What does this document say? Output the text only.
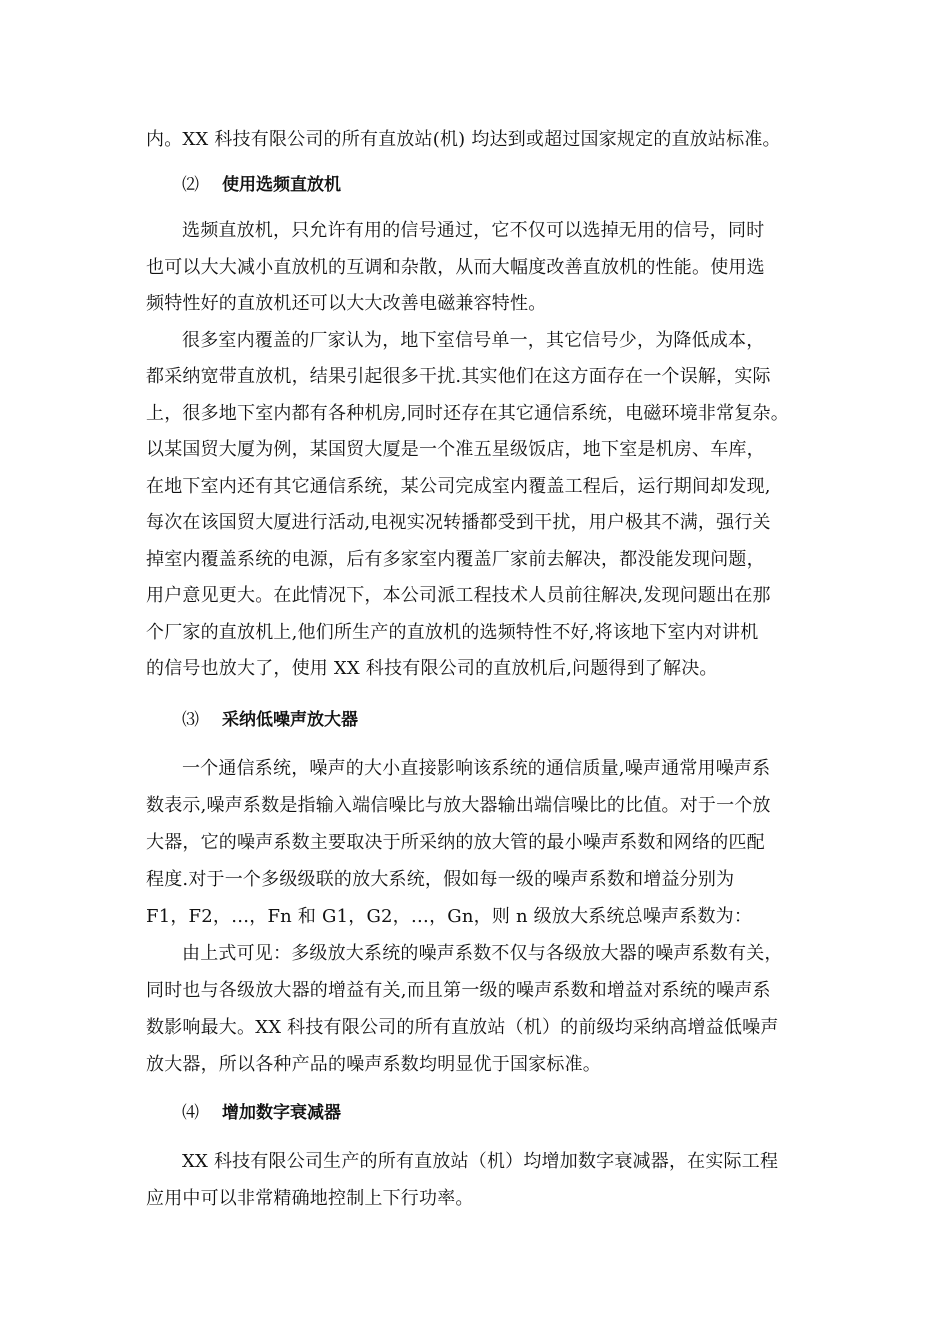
内。XX 科技有限公司的所有直放站(机) 均达到或超过国家规定的直放站标准。
⑵ 使用选频直放机
选频直放机，只允许有用的信号通过，它不仅可以选掉无用的信号，同时
也可以大大减小直放机的互调和杂散，从而大幅度改善直放机的性能。使用选
频特性好的直放机还可以大大改善电磁兼容特性。
很多室内覆盖的厂家认为，地下室信号单一，其它信号少，为降低成本，
都采纳宽带直放机，结果引起很多干扰.其实他们在这方面存在一个误解，实际
上，很多地下室内都有各种机房,同时还存在其它通信系统，电磁环境非常复杂。
以某国贸大厦为例，某国贸大厦是一个准五星级饭店，地下室是机房、车库，
在地下室内还有其它通信系统，某公司完成室内覆盖工程后，运行期间却发现,
每次在该国贸大厦进行活动,电视实况转播都受到干扰，用户极其不满，强行关
掉室内覆盖系统的电源，后有多家室内覆盖厂家前去解决，都没能发现问题，
用户意见更大。在此情况下，本公司派工程技术人员前往解决,发现问题出在那
个厂家的直放机上,他们所生产的直放机的选频特性不好,将该地下室内对讲机
的信号也放大了，使用 XX 科技有限公司的直放机后,问题得到了解决。
⑶ 采纳低噪声放大器
一个通信系统，噪声的大小直接影响该系统的通信质量,噪声通常用噪声系
数表示,噪声系数是指输入端信噪比与放大器输出端信噪比的比值。对于一个放
大器，它的噪声系数主要取决于所采纳的放大管的最小噪声系数和网络的匹配
程度.对于一个多级级联的放大系统，假如每一级的噪声系数和增益分别为
F1，F2，…，Fn 和 G1，G2，…，Gn，则 n 级放大系统总噪声系数为：
由上式可见：多级放大系统的噪声系数不仅与各级放大器的噪声系数有关，
同时也与各级放大器的增益有关,而且第一级的噪声系数和增益对系统的噪声系
数影响最大。XX 科技有限公司的所有直放站（机）的前级均采纳高增益低噪声
放大器，所以各种产品的噪声系数均明显优于国家标准。
⑷ 增加数字衰减器
XX 科技有限公司生产的所有直放站（机）均增加数字衰减器，在实际工程
应用中可以非常精确地控制上下行功率。
